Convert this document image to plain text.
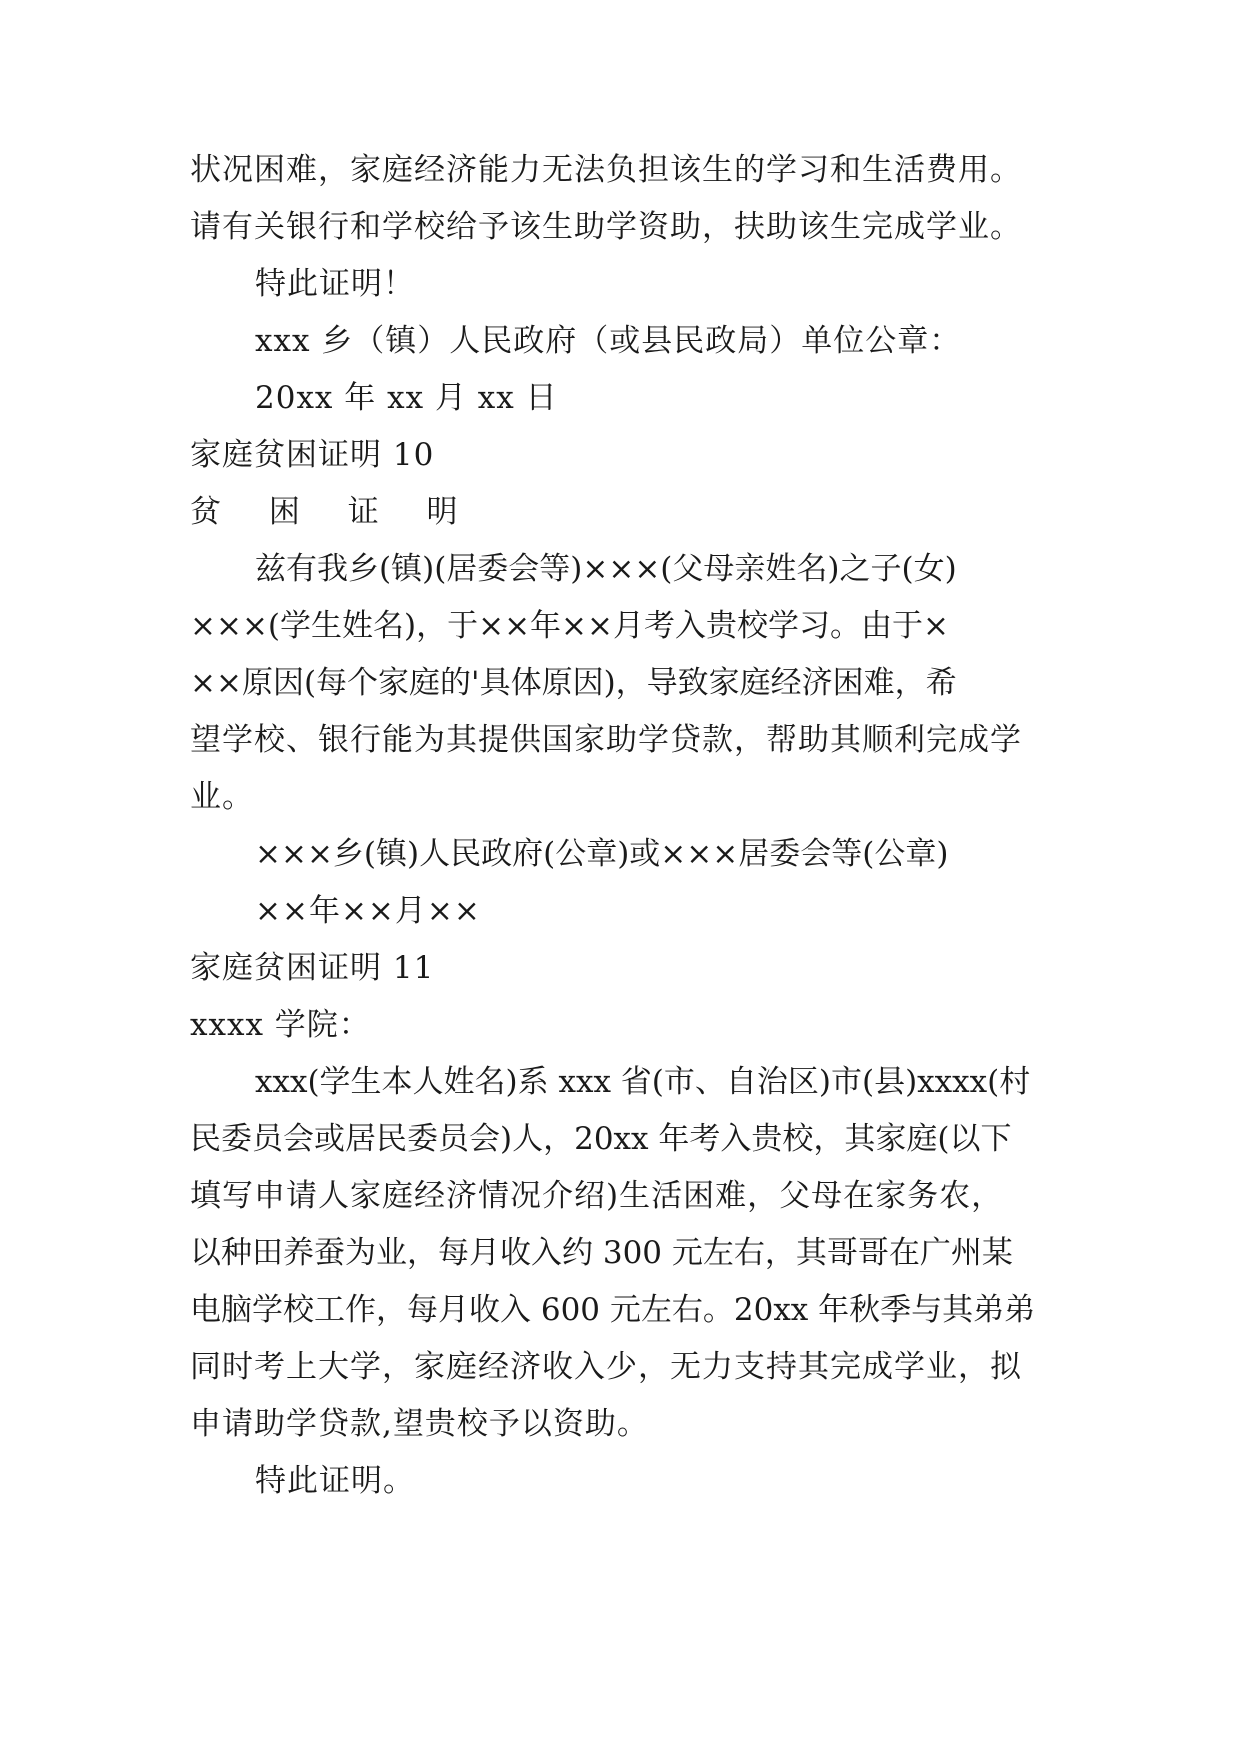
状况困难，家庭经济能力无法负担该生的学习和生活费用。
请有关银行和学校给予该生助学资助，扶助该生完成学业。
特此证明！
xxx 乡（镇）人民政府（或县民政局）单位公章：
20xx 年 xx 月 xx 日
家庭贫困证明 10
贫 困 证 明
兹有我乡(镇)(居委会等)×××(父母亲姓名)之子(女)
×××(学生姓名)，于××年××月考入贵校学习。由于×
××原因(每个家庭的'具体原因)，导致家庭经济困难，希
望学校、银行能为其提供国家助学贷款，帮助其顺利完成学
业。
×××乡(镇)人民政府(公章)或×××居委会等(公章)
××年××月××
家庭贫困证明 11
xxxx 学院：
xxx(学生本人姓名)系 xxx 省(市、自治区)市(县)xxxx(村
民委员会或居民委员会)人，20xx 年考入贵校，其家庭(以下
填写申请人家庭经济情况介绍)生活困难，父母在家务农，
以种田养蚕为业，每月收入约 300 元左右，其哥哥在广州某
电脑学校工作，每月收入 600 元左右。20xx 年秋季与其弟弟
同时考上大学，家庭经济收入少，无力支持其完成学业，拟
申请助学贷款,望贵校予以资助。
特此证明。
